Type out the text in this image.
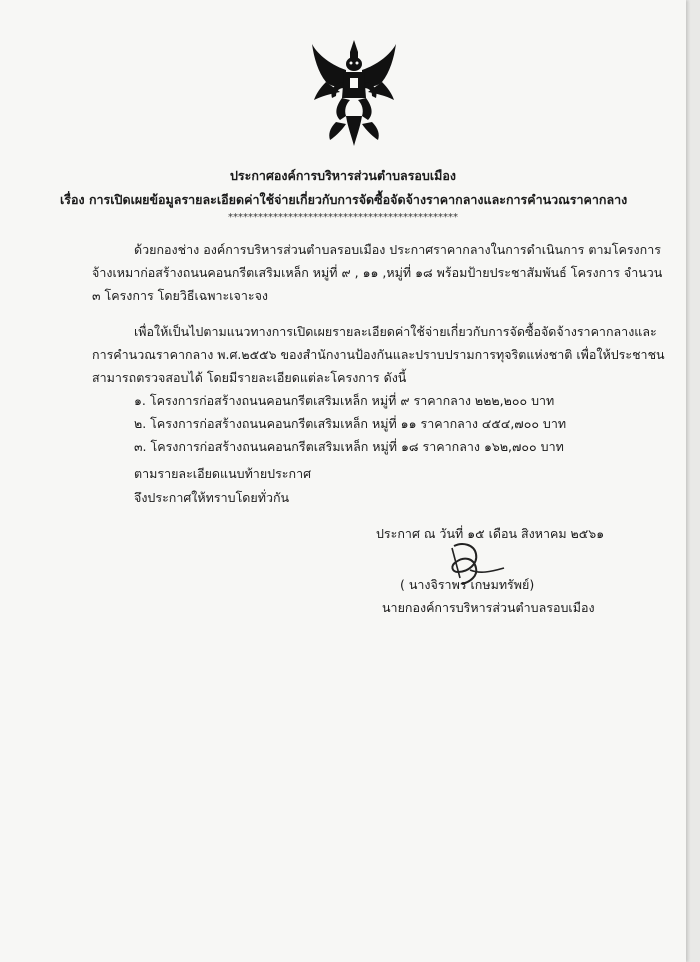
ประกาศองค์การบริหารส่วนตำบลรอบเมือง
เรื่อง การเปิดเผยข้อมูลรายละเอียดค่าใช้จ่ายเกี่ยวกับการจัดซื้อจัดจ้างราคากลางและการคำนวณราคากลาง
**********************************************
ด้วยกองช่าง องค์การบริหารส่วนตำบลรอบเมือง ประกาศราคากลางในการดำเนินการ ตามโครงการ
จ้างเหมาก่อสร้างถนนคอนกรีตเสริมเหล็ก หมู่ที่ ๙ , ๑๑ ,หมู่ที่ ๑๘ พร้อมป้ายประชาสัมพันธ์ โครงการ จำนวน
๓ โครงการ โดยวิธีเฉพาะเจาะจง
เพื่อให้เป็นไปตามแนวทางการเปิดเผยรายละเอียดค่าใช้จ่ายเกี่ยวกับการจัดซื้อจัดจ้างราคากลางและ
การคำนวณราคากลาง พ.ศ.๒๕๕๖ ของสำนักงานป้องกันและปราบปรามการทุจริตแห่งชาติ เพื่อให้ประชาชน
สามารถตรวจสอบได้ โดยมีรายละเอียดแต่ละโครงการ ดังนี้
๑. โครงการก่อสร้างถนนคอนกรีตเสริมเหล็ก หมู่ที่ ๙ ราคากลาง ๒๒๒,๒๐๐ บาท
๒. โครงการก่อสร้างถนนคอนกรีตเสริมเหล็ก หมู่ที่ ๑๑ ราคากลาง ๔๕๔,๗๐๐ บาท
๓. โครงการก่อสร้างถนนคอนกรีตเสริมเหล็ก หมู่ที่ ๑๘ ราคากลาง ๑๖๒,๗๐๐ บาท
ตามรายละเอียดแนบท้ายประกาศ
จึงประกาศให้ทราบโดยทั่วกัน
ประกาศ ณ วันที่ ๑๕ เดือน สิงหาคม ๒๕๖๑
( นางจิราพร เกษมทรัพย์)
นายกองค์การบริหารส่วนตำบลรอบเมือง
